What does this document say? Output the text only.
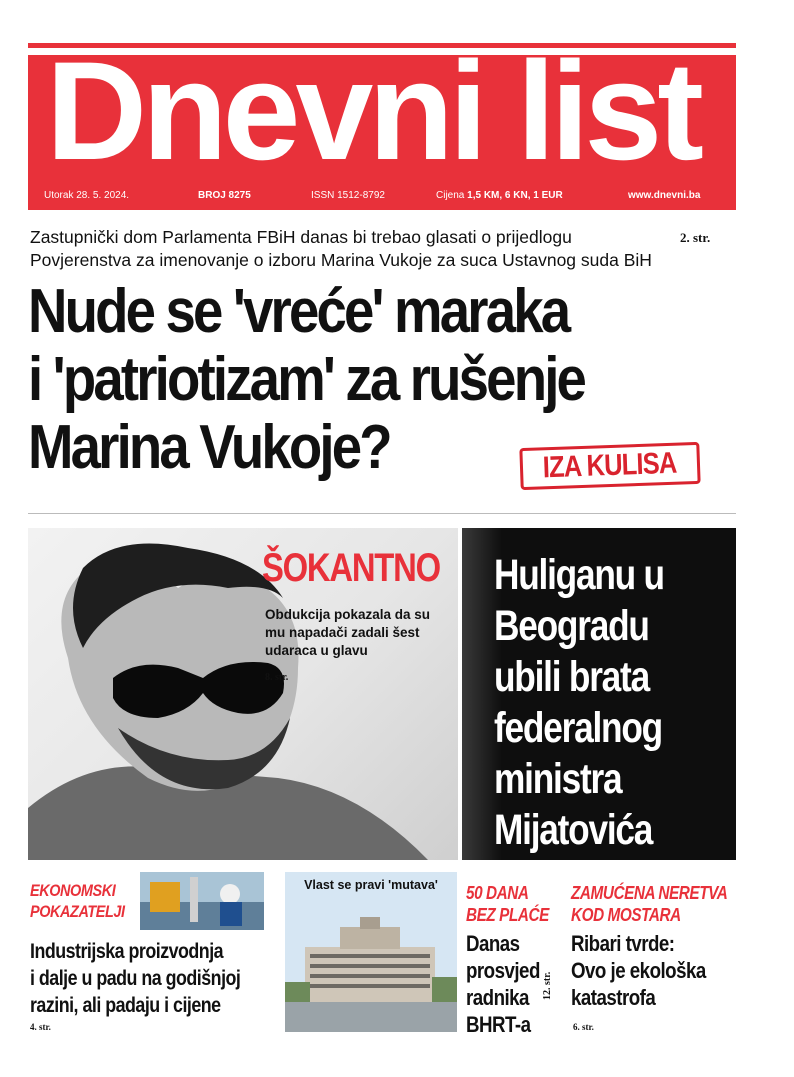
Dnevni list
Utorak 28. 5. 2024.	BROJ 8275	ISSN 1512-8792	Cijena 1,5 KM, 6 KN, 1 EUR	www.dnevni.ba
Zastupnički dom Parlamenta FBiH danas bi trebao glasati o prijedlogu
Povjerenstva za imenovanje o izboru Marina Vukoje za suca Ustavnog suda BiH
2. str.
Nude se 'vreće' maraka
i 'patriotizam' za rušenje
Marina Vukoje?	IZA KULISA
ŠOKANTNO
Obdukcija pokazala da su mu napadači zadali šest udaraca u glavu
8. str.
Huliganu u
Beogradu
ubili brata
federalnog
ministra
Mijatovića
EKONOMSKI
POKAZATELJI
Industrijska proizvodnja
i dalje u padu na godišnjoj
razini, ali padaju i cijene
4. str.
Vlast se pravi 'mutava'	50 DANA
BEZ PLAĆE
Danas
prosvjed
radnika
BHRT-a
12. str.
ZAMUĆENA NERETVA
KOD MOSTARA
Ribari tvrde:
Ovo je ekološka
katastrofa
6. str.
